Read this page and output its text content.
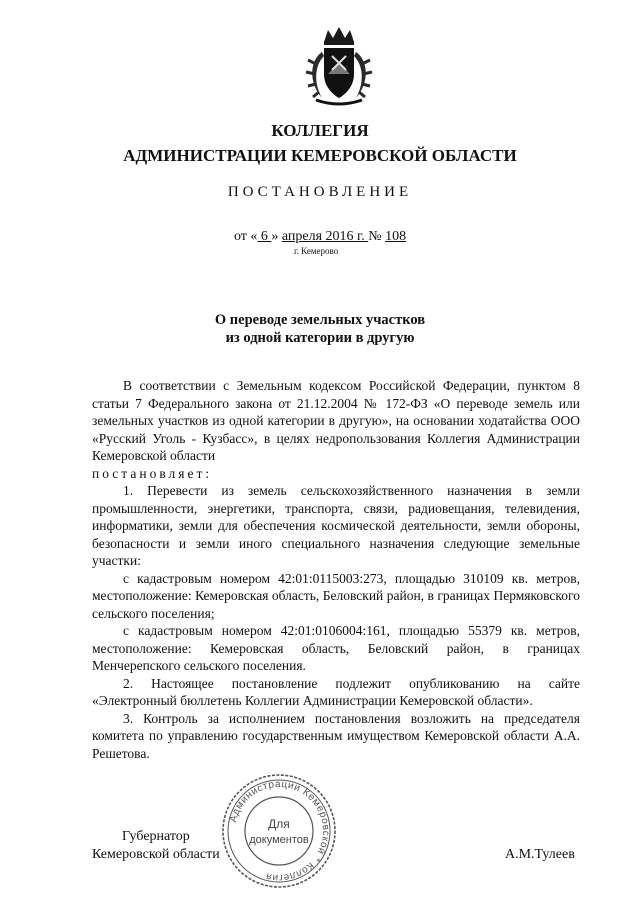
КОЛЛЕГИЯ
АДМИНИСТРАЦИИ КЕМЕРОВСКОЙ ОБЛАСТИ
ПОСТАНОВЛЕНИЕ
от « 6 » апреля 2016 г. № 108
г. Кемерово
О переводе земельных участков
из одной категории в другую

В соответствии с Земельным кодексом Российской Федерации, пунктом 8 статьи 7 Федерального закона от 21.12.2004 № 172-ФЗ «О переводе земель или земельных участков из одной категории в другую», на основании ходатайства ООО «Русский Уголь - Кузбасс», в целях недропользования Коллегия Администрации Кемеровской области

постановляет:

1. Перевести из земель сельскохозяйственного назначения в земли промышленности, энергетики, транспорта, связи, радиовещания, телевидения, информатики, земли для обеспечения космической деятельности, земли обороны, безопасности и земли иного специального назначения следующие земельные участки:

с кадастровым номером 42:01:0115003:273, площадью 310109 кв. метров, местоположение: Кемеровская область, Беловский район, в границах Пермяковского сельского поселения;

с кадастровым номером 42:01:0106004:161, площадью 55379 кв. метров, местоположение: Кемеровская область, Беловский район, в границах Менчерепского сельского поселения.

2. Настоящее постановление подлежит опубликованию на сайте «Электронный бюллетень Коллегии Администрации Кемеровской области».

3. Контроль за исполнением постановления возложить на председателя комитета по управлению государственным имуществом Кемеровской области А.А. Решетова.

Губернатор
Кемеровской области	А.М.Тулеев
Администрации Кемеровской * Коллегия
Для
документов
